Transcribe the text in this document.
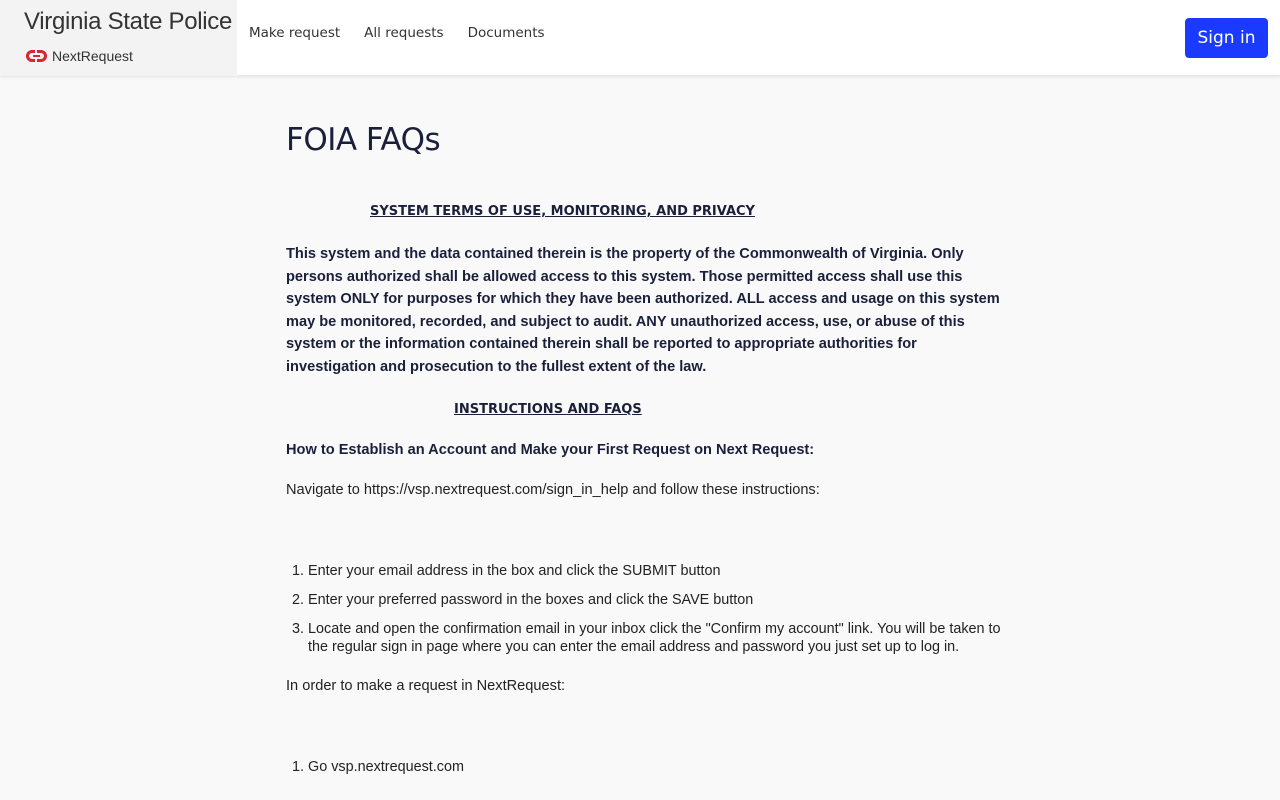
Virginia State Police
NextRequest
Make request All requests Documents	Sign in
FOIA FAQs
SYSTEM TERMS OF USE, MONITORING, AND PRIVACY

This system and the data contained therein is the property of the Commonwealth of Virginia. Only persons authorized shall be allowed access to this system. Those permitted access shall use this system ONLY for purposes for which they have been authorized. ALL access and usage on this system may be monitored, recorded, and subject to audit. ANY unauthorized access, use, or abuse of this system or the information contained therein shall be reported to appropriate authorities for investigation and prosecution to the fullest extent of the law.

INSTRUCTIONS AND FAQS

How to Establish an Account and Make your First Request on Next Request:

Navigate to https://vsp.nextrequest.com/sign_in_help and follow these instructions:

1. Enter your email address in the box and click the SUBMIT button
2. Enter your preferred password in the boxes and click the SAVE button
3. Locate and open the confirmation email in your inbox click the "Confirm my account" link. You will be taken to the regular sign in page where you can enter the email address and password you just set up to log in.

In order to make a request in NextRequest:

1. Go vsp.nextrequest.com
